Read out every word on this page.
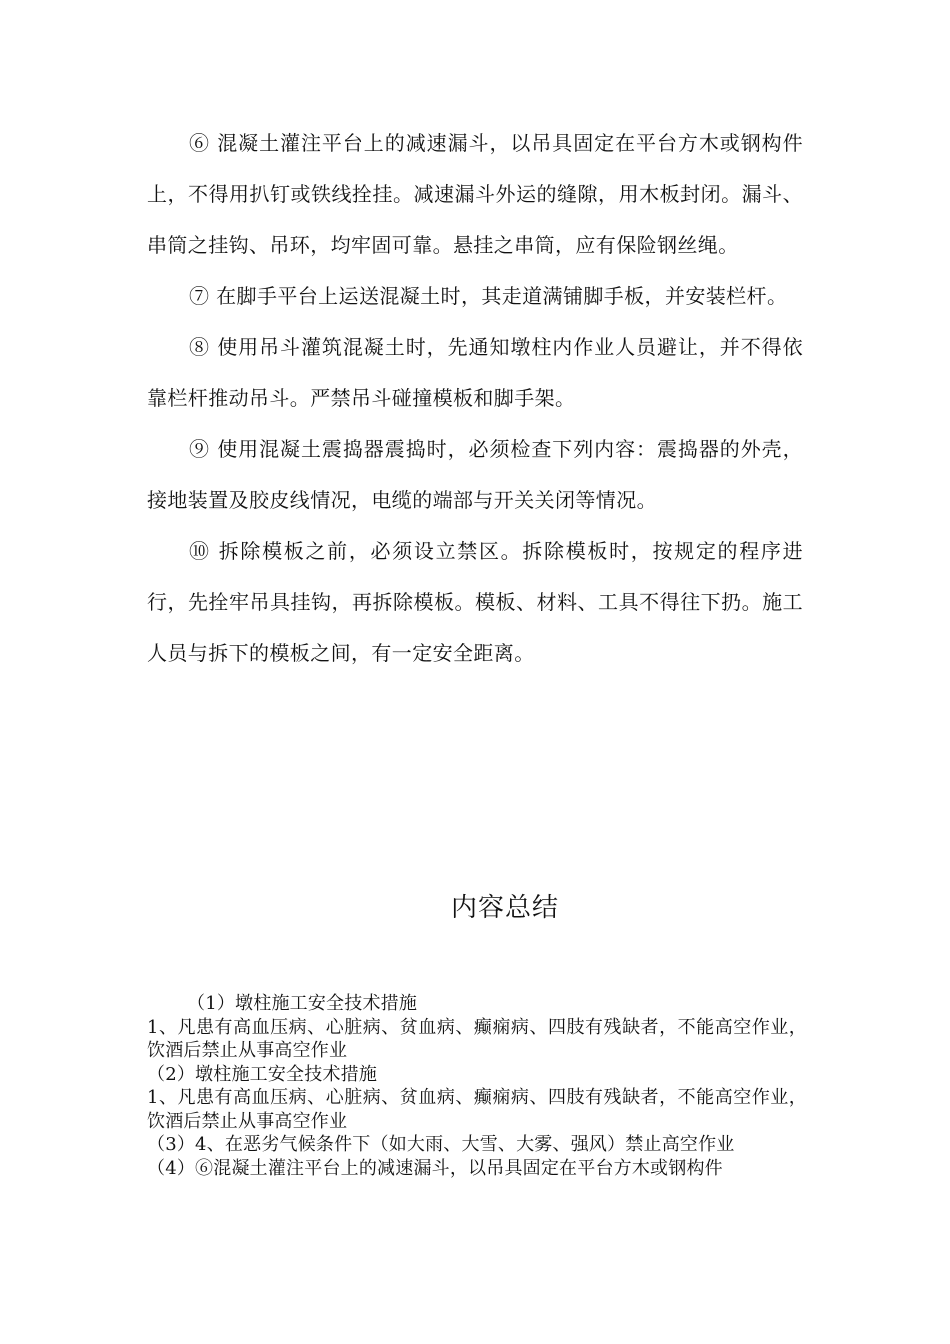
⑥ 混凝土灌注平台上的减速漏斗，以吊具固定在平台方木或钢构件上，不得用扒钉或铁线拴挂。减速漏斗外运的缝隙，用木板封闭。漏斗、串筒之挂钩、吊环，均牢固可靠。悬挂之串筒，应有保险钢丝绳。

⑦ 在脚手平台上运送混凝土时，其走道满铺脚手板，并安装栏杆。

⑧ 使用吊斗灌筑混凝土时，先通知墩柱内作业人员避让，并不得依靠栏杆推动吊斗。严禁吊斗碰撞模板和脚手架。

⑨ 使用混凝土震捣器震捣时，必须检查下列内容：震捣器的外壳，接地装置及胶皮线情况，电缆的端部与开关关闭等情况。

⑩ 拆除模板之前，必须设立禁区。拆除模板时，按规定的程序进行，先拴牢吊具挂钩，再拆除模板。模板、材料、工具不得往下扔。施工人员与拆下的模板之间，有一定安全距离。

内容总结

（1）墩柱施工安全技术措施

1、凡患有高血压病、心脏病、贫血病、癫痫病、四肢有残缺者，不能高空作业，饮酒后禁止从事高空作业

（2）墩柱施工安全技术措施

1、凡患有高血压病、心脏病、贫血病、癫痫病、四肢有残缺者，不能高空作业，饮酒后禁止从事高空作业

（3）4、在恶劣气候条件下（如大雨、大雪、大雾、强风）禁止高空作业

（4）⑥混凝土灌注平台上的减速漏斗，以吊具固定在平台方木或钢构件
